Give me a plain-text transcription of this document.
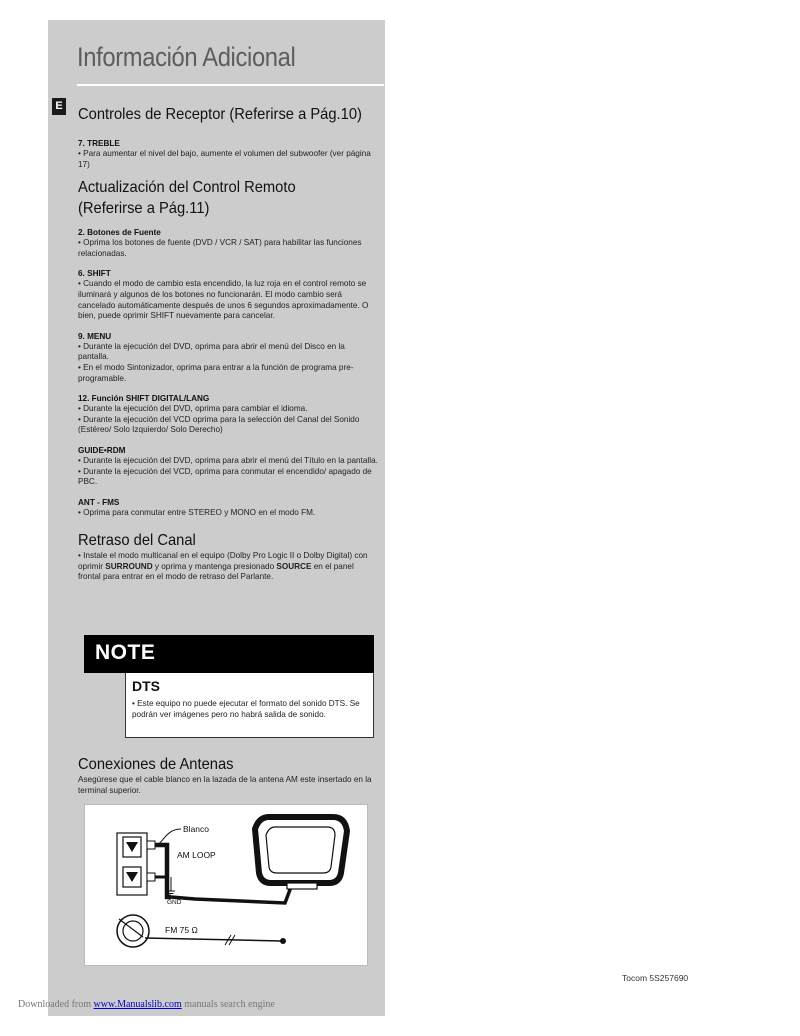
Información Adicional
E Controles de Receptor (Referirse a Pág.10)
7. TREBLE

• Para aumentar el nivel del bajo, aumente el volumen del subwoofer (ver página 17)

Actualización del Control Remoto
(Referirse a Pág.11)
2. Botones de Fuente

• Oprima los botones de fuente (DVD / VCR / SAT) para habilitar las funciones relacionadas.

6. SHIFT

• Cuando el modo de cambio esta encendido, la luz roja en el control remoto se iluminará y algunos de los botones no funcionarán. El modo cambio será cancelado automáticamente después de unos 6 segundos aproximadamente. O bien, puede oprimir SHIFT nuevamente para cancelar.

9. MENU

• Durante la ejecución del DVD, oprima para abrir el menú del Disco en la pantalla.

• En el modo Sintonizador, oprima para entrar a la función de programa pre-programable.

12. Función SHIFT DIGITAL/LANG

• Durante la ejecución del DVD, oprima para cambiar el idioma.

• Durante la ejecución del VCD oprima para la selección del Canal del Sonido (Estéreo/ Solo Izquierdo/ Solo Derecho)

GUIDE•RDM

• Durante la ejecución del DVD, oprima para abrir el menú del Título en la pantalla.

• Durante la ejecución del VCD, oprima para conmutar el encendido/ apagado de PBC.

ANT - FMS

• Oprima para conmutar entre STEREO y MONO en el modo FM.

Retraso del Canal

• Instale el modo multicanal en el equipo (Dolby Pro Logic II o Dolby Digital) con oprimir SURROUND y oprima y mantenga presionado SOURCE en el panel frontal para entrar en el modo de retraso del Parlante.

NOTE
DTS
• Este equipo no puede ejecutar el formato del sonido DTS. Se podrán ver imágenes pero no habrá salida de sonido.
Conexiones de Antenas

Asegúrese que el cable blanco en la lazada de la antena AM este insertado en la terminal superior.

Blanco
AM LOOP
GND
FM 75 Ω
Tocom 5S257690
Downloaded from www.Manualslib.com manuals search engine
